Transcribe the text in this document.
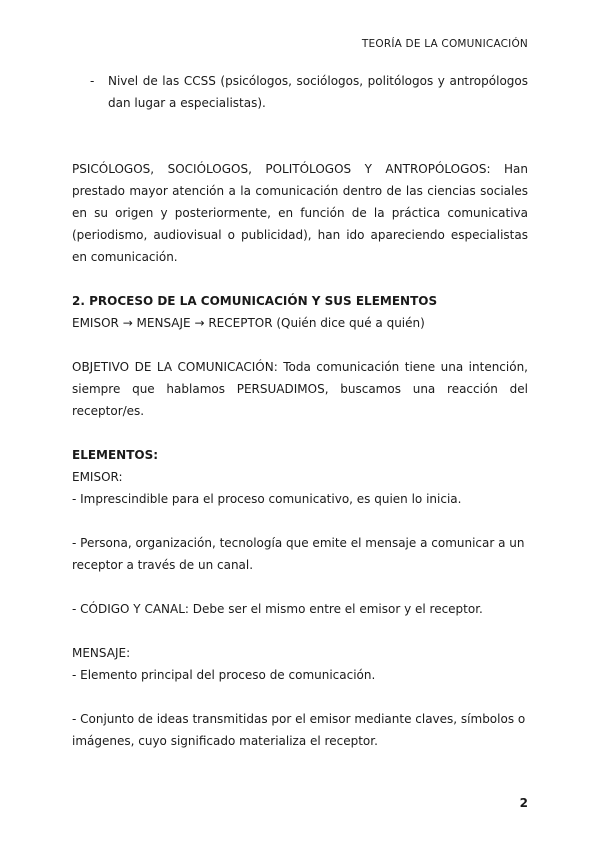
TEORÍA DE LA COMUNICACIÓN
-	Nivel de las CCSS (psicólogos, sociólogos, politólogos y antropólogos dan lugar a especialistas).

PSICÓLOGOS, SOCIÓLOGOS, POLITÓLOGOS Y ANTROPÓLOGOS: Han prestado mayor atención a la comunicación dentro de las ciencias sociales en su origen y posteriormente, en función de la práctica comunicativa (periodismo, audiovisual o publicidad), han ido apareciendo especialistas en comunicación.

2. PROCESO DE LA COMUNICACIÓN Y SUS ELEMENTOS

EMISOR → MENSAJE → RECEPTOR (Quién dice qué a quién)

OBJETIVO DE LA COMUNICACIÓN: Toda comunicación tiene una intención, siempre que hablamos PERSUADIMOS, buscamos una reacción del receptor/es.

ELEMENTOS:

EMISOR:

- Imprescindible para el proceso comunicativo, es quien lo inicia.

- Persona, organización, tecnología que emite el mensaje a comunicar a un receptor a través de un canal.

- CÓDIGO Y CANAL: Debe ser el mismo entre el emisor y el receptor.

MENSAJE:

- Elemento principal del proceso de comunicación.

- Conjunto de ideas transmitidas por el emisor mediante claves, símbolos o imágenes, cuyo significado materializa el receptor.

2
